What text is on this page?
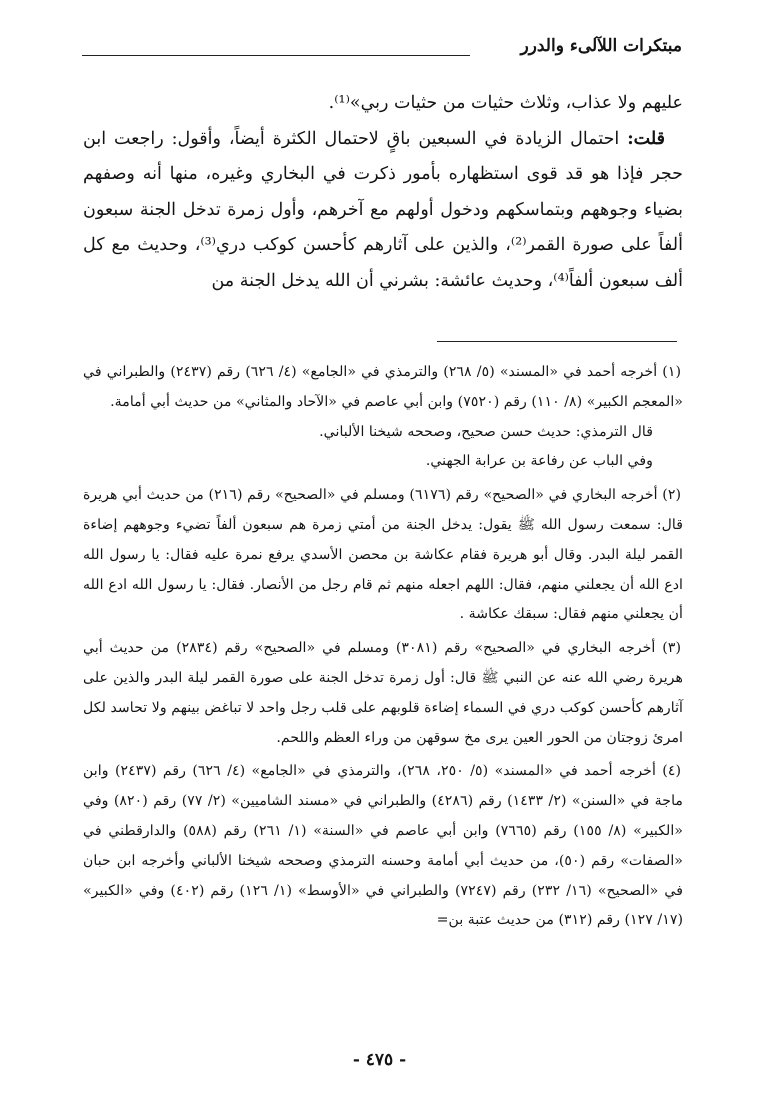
مبتكرات اللآلىء والدرر

عليهم ولا عذاب، وثلاث حثيات من حثيات ربي»⁽¹⁾.

قلت: احتمال الزيادة في السبعين باقٍ لاحتمال الكثرة أيضاً، وأقول: راجعت ابن حجر فإذا هو قد قوى استظهاره بأمور ذكرت في البخاري وغيره، منها أنه وصفهم بضياء وجوههم وبتماسكهم ودخول أولهم مع آخرهم، وأول زمرة تدخل الجنة سبعون ألفاً على صورة القمر⁽²⁾، والذين على آثارهم كأحسن كوكب دري⁽³⁾، وحديث مع كل ألف سبعون ألفاً⁽⁴⁾، وحديث عائشة: بشرني أن الله يدخل الجنة من

(١) أخرجه أحمد في «المسند» (٥/ ٢٦٨) والترمذي في «الجامع» (٤/ ٦٢٦) رقم (٢٤٣٧) والطبراني في «المعجم الكبير» (٨/ ١١٠) رقم (٧٥٢٠) وابن أبي عاصم في «الآحاد والمثاني» من حديث أبي أمامة.

قال الترمذي: حديث حسن صحيح، وصححه شيخنا الألباني.

وفي الباب عن رفاعة بن عرابة الجهني.

(٢) أخرجه البخاري في «الصحيح» رقم (٦١٧٦) ومسلم في «الصحيح» رقم (٢١٦) من حديث أبي هريرة قال: سمعت رسول الله ﷺ يقول: يدخل الجنة من أمتي زمرة هم سبعون ألفاً تضيء وجوههم إضاءة القمر ليلة البدر. وقال أبو هريرة فقام عكاشة بن محصن الأسدي يرفع نمرة عليه فقال: يا رسول الله ادع الله أن يجعلني منهم، فقال: اللهم اجعله منهم ثم قام رجل من الأنصار. فقال: يا رسول الله ادع الله أن يجعلني منهم فقال: سبقك عكاشة .

(٣) أخرجه البخاري في «الصحيح» رقم (٣٠٨١) ومسلم في «الصحيح» رقم (٢٨٣٤) من حديث أبي هريرة رضي الله عنه عن النبي ﷺ قال: أول زمرة تدخل الجنة على صورة القمر ليلة البدر والذين على آثارهم كأحسن كوكب دري في السماء إضاءة قلوبهم على قلب رجل واحد لا تباغض بينهم ولا تحاسد لكل امرئ زوجتان من الحور العين يرى مخ سوقهن من وراء العظم واللحم.

(٤) أخرجه أحمد في «المسند» (٥/ ٢٥٠، ٢٦٨)، والترمذي في «الجامع» (٤/ ٦٢٦) رقم (٢٤٣٧) وابن ماجة في «السنن» (٢/ ١٤٣٣) رقم (٤٢٨٦) والطبراني في «مسند الشاميين» (٢/ ٧٧) رقم (٨٢٠) وفي «الكبير» (٨/ ١٥٥) رقم (٧٦٦٥) وابن أبي عاصم في «السنة» (١/ ٢٦١) رقم (٥٨٨) والدارقطني في «الصفات» رقم (٥٠)، من حديث أبي أمامة وحسنه الترمذي وصححه شيخنا الألباني وأخرجه ابن حبان في «الصحيح» (١٦/ ٢٣٢) رقم (٧٢٤٧) والطبراني في «الأوسط» (١/ ١٢٦) رقم (٤٠٢) وفي «الكبير» (١٧/ ١٢٧) رقم (٣١٢) من حديث عتبة بن=

- ٤٧٥ -
